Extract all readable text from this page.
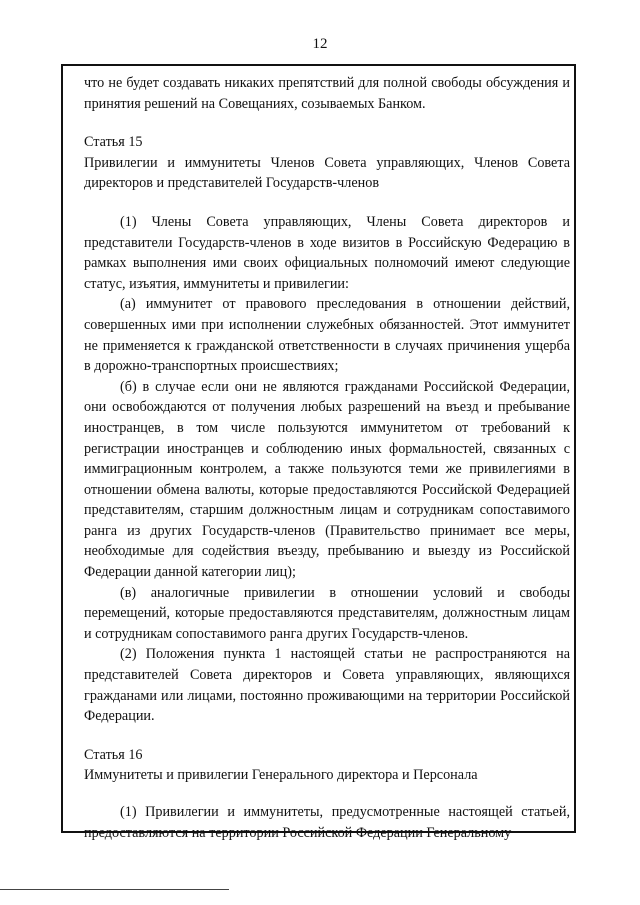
12

что не будет создавать никаких препятствий для полной свободы обсуждения и принятия решений на Совещаниях, созываемых Банком.

Статья 15

Привилегии и иммунитеты Членов Совета управляющих, Членов Совета директоров и представителей Государств-членов

(1) Члены Совета управляющих, Члены Совета директоров и представители Государств-членов в ходе визитов в Российскую Федерацию в рамках выполнения ими своих официальных полномочий имеют следующие статус, изъятия, иммунитеты и привилегии:

(а) иммунитет от правового преследования в отношении действий, совершенных ими при исполнении служебных обязанностей. Этот иммунитет не применяется к гражданской ответственности в случаях причинения ущерба в дорожно-транспортных происшествиях;

(б) в случае если они не являются гражданами Российской Федерации, они освобождаются от получения любых разрешений на въезд и пребывание иностранцев, в том числе пользуются иммунитетом от требований к регистрации иностранцев и соблюдению иных формальностей, связанных с иммиграционным контролем, а также пользуются теми же привилегиями в отношении обмена валюты, которые предоставляются Российской Федерацией представителям, старшим должностным лицам и сотрудникам сопоставимого ранга из других Государств-членов (Правительство принимает все меры, необходимые для содействия въезду, пребыванию и выезду из Российской Федерации данной категории лиц);

(в) аналогичные привилегии в отношении условий и свободы перемещений, которые предоставляются представителям, должностным лицам и сотрудникам сопоставимого ранга других Государств-членов.

(2) Положения пункта 1 настоящей статьи не распространяются на представителей Совета директоров и Совета управляющих, являющихся гражданами или лицами, постоянно проживающими на территории Российской Федерации.

Статья 16

Иммунитеты и привилегии Генерального директора и Персонала

(1) Привилегии и иммунитеты, предусмотренные настоящей статьей, предоставляются на территории Российской Федерации Генеральному
